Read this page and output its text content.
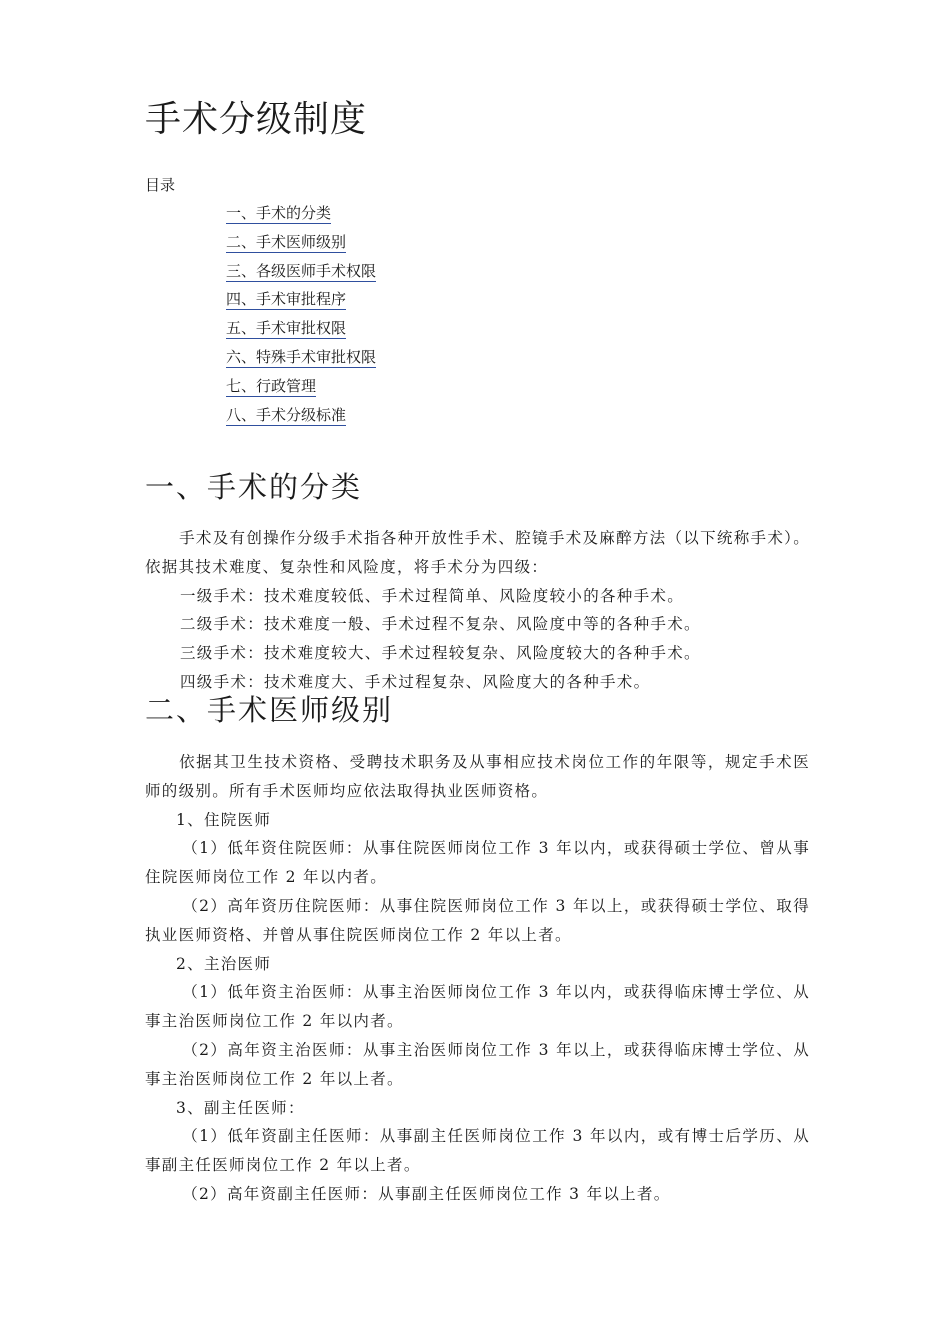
手术分级制度
目录
一、手术的分类
二、手术医师级别
三、各级医师手术权限
四、手术审批程序
五、手术审批权限
六、特殊手术审批权限
七、行政管理
八、手术分级标准
一、手术的分类

手术及有创操作分级手术指各种开放性手术、腔镜手术及麻醉方法（以下统称手术）。依据其技术难度、复杂性和风险度，将手术分为四级：

一级手术：技术难度较低、手术过程简单、风险度较小的各种手术。

二级手术：技术难度一般、手术过程不复杂、风险度中等的各种手术。

三级手术：技术难度较大、手术过程较复杂、风险度较大的各种手术。

四级手术：技术难度大、手术过程复杂、风险度大的各种手术。

二、手术医师级别

依据其卫生技术资格、受聘技术职务及从事相应技术岗位工作的年限等，规定手术医师的级别。所有手术医师均应依法取得执业医师资格。

1、住院医师

（1）低年资住院医师：从事住院医师岗位工作 3 年以内，或获得硕士学位、曾从事住院医师岗位工作 2 年以内者。

（2）高年资历住院医师：从事住院医师岗位工作 3 年以上，或获得硕士学位、取得执业医师资格、并曾从事住院医师岗位工作 2 年以上者。

2、主治医师

（1）低年资主治医师：从事主治医师岗位工作 3 年以内，或获得临床博士学位、从事主治医师岗位工作 2 年以内者。

（2）高年资主治医师：从事主治医师岗位工作 3 年以上，或获得临床博士学位、从事主治医师岗位工作 2 年以上者。

3、副主任医师：

（1）低年资副主任医师：从事副主任医师岗位工作 3 年以内，或有博士后学历、从事副主任医师岗位工作 2 年以上者。

（2）高年资副主任医师：从事副主任医师岗位工作 3 年以上者。
